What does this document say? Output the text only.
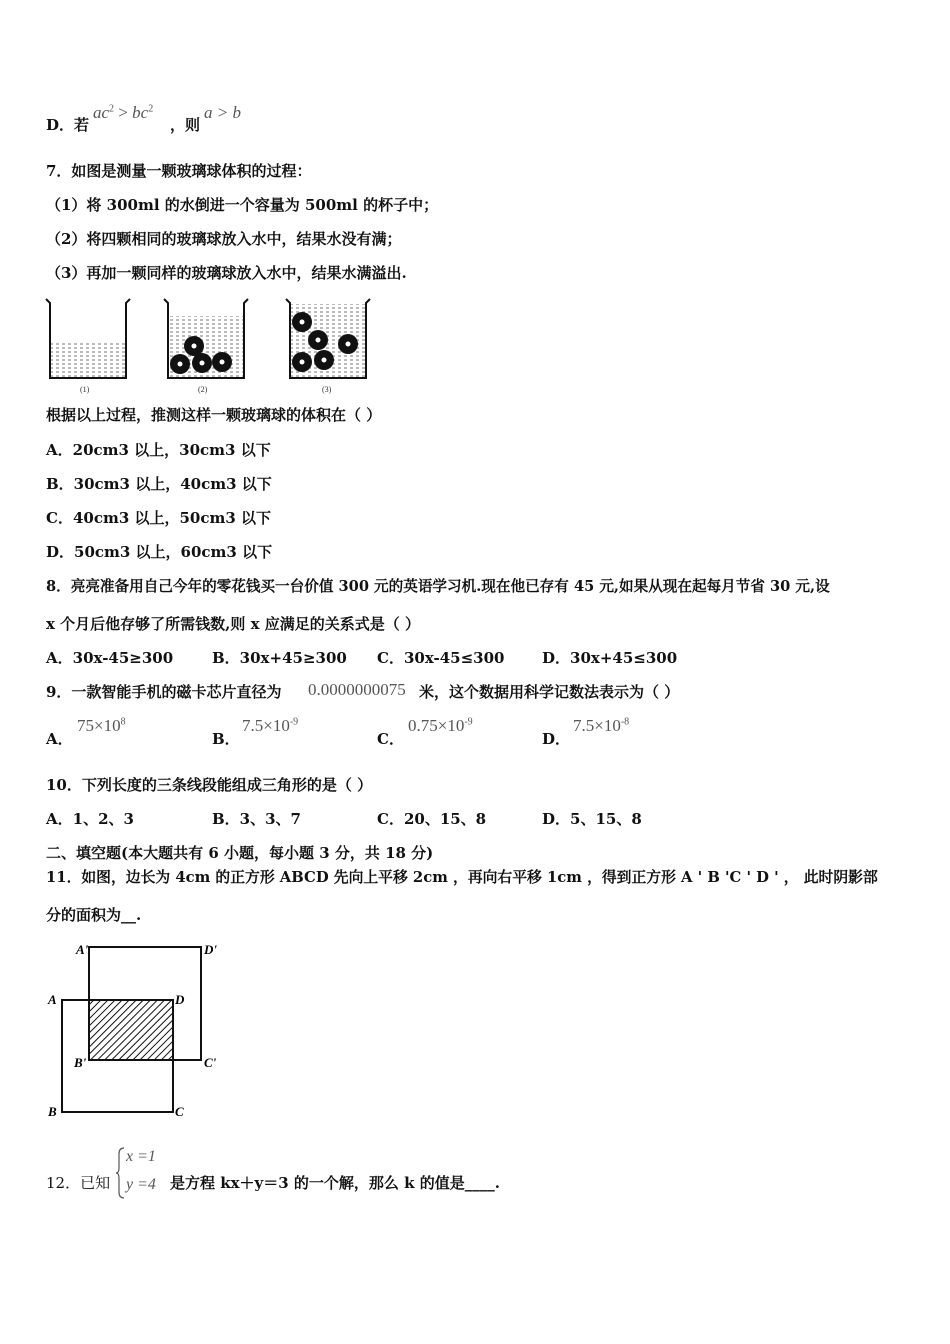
D．若
$ac^2 > bc^2$
，则
a > b
7．如图是测量一颗玻璃球体积的过程：
（1）将 300ml 的水倒进一个容量为 500ml 的杯子中；
（2）将四颗相同的玻璃球放入水中，结果水没有满；
（3）再加一颗同样的玻璃球放入水中，结果水满溢出.
(1)	(2)	(3)
根据以上过程，推测这样一颗玻璃球的体积在（ ）
A．20cm3 以上，30cm3 以下
B．30cm3 以上，40cm3 以下
C．40cm3 以上，50cm3 以下
D．50cm3 以上，60cm3 以下
8．亮亮准备用自己今年的零花钱买一台价值 300 元的英语学习机.现在他已存有 45 元,如果从现在起每月节省 30 元,设
x 个月后他存够了所需钱数,则 x 应满足的关系式是（ ）
A．30x-45≥300	B．30x+45≥300 C．30x-45≤300	D．30x+45≤300
9．一款智能手机的磁卡芯片直径为 0.0000000075 米，这个数据用科学记数法表示为（ ）
A．
$75\times 10^8$
B．
$7.5\times 10^{-9}$
C．
$0.75\times 10^{-9}$
D．
$7.5\times 10^{-8}$
10．下列长度的三条线段能组成三角形的是（ ）
A．1、2、3	B．3、3、7	C．20、15、8	D．5、15、8
二、填空题(本大题共有 6 小题，每小题 3 分，共 18 分)
11．如图，边长为 4cm 的正方形 ABCD 先向上平移 2cm ，再向右平移 1cm ，得到正方形 A ' B 'C ' D ' ， 此时阴影部
分的面积为__.
A'	D'
A	D
B'	C'
B	C
12．已知
x =1
y =4 是方程 kx＋y＝3 的一个解，那么 k 的值是____.
